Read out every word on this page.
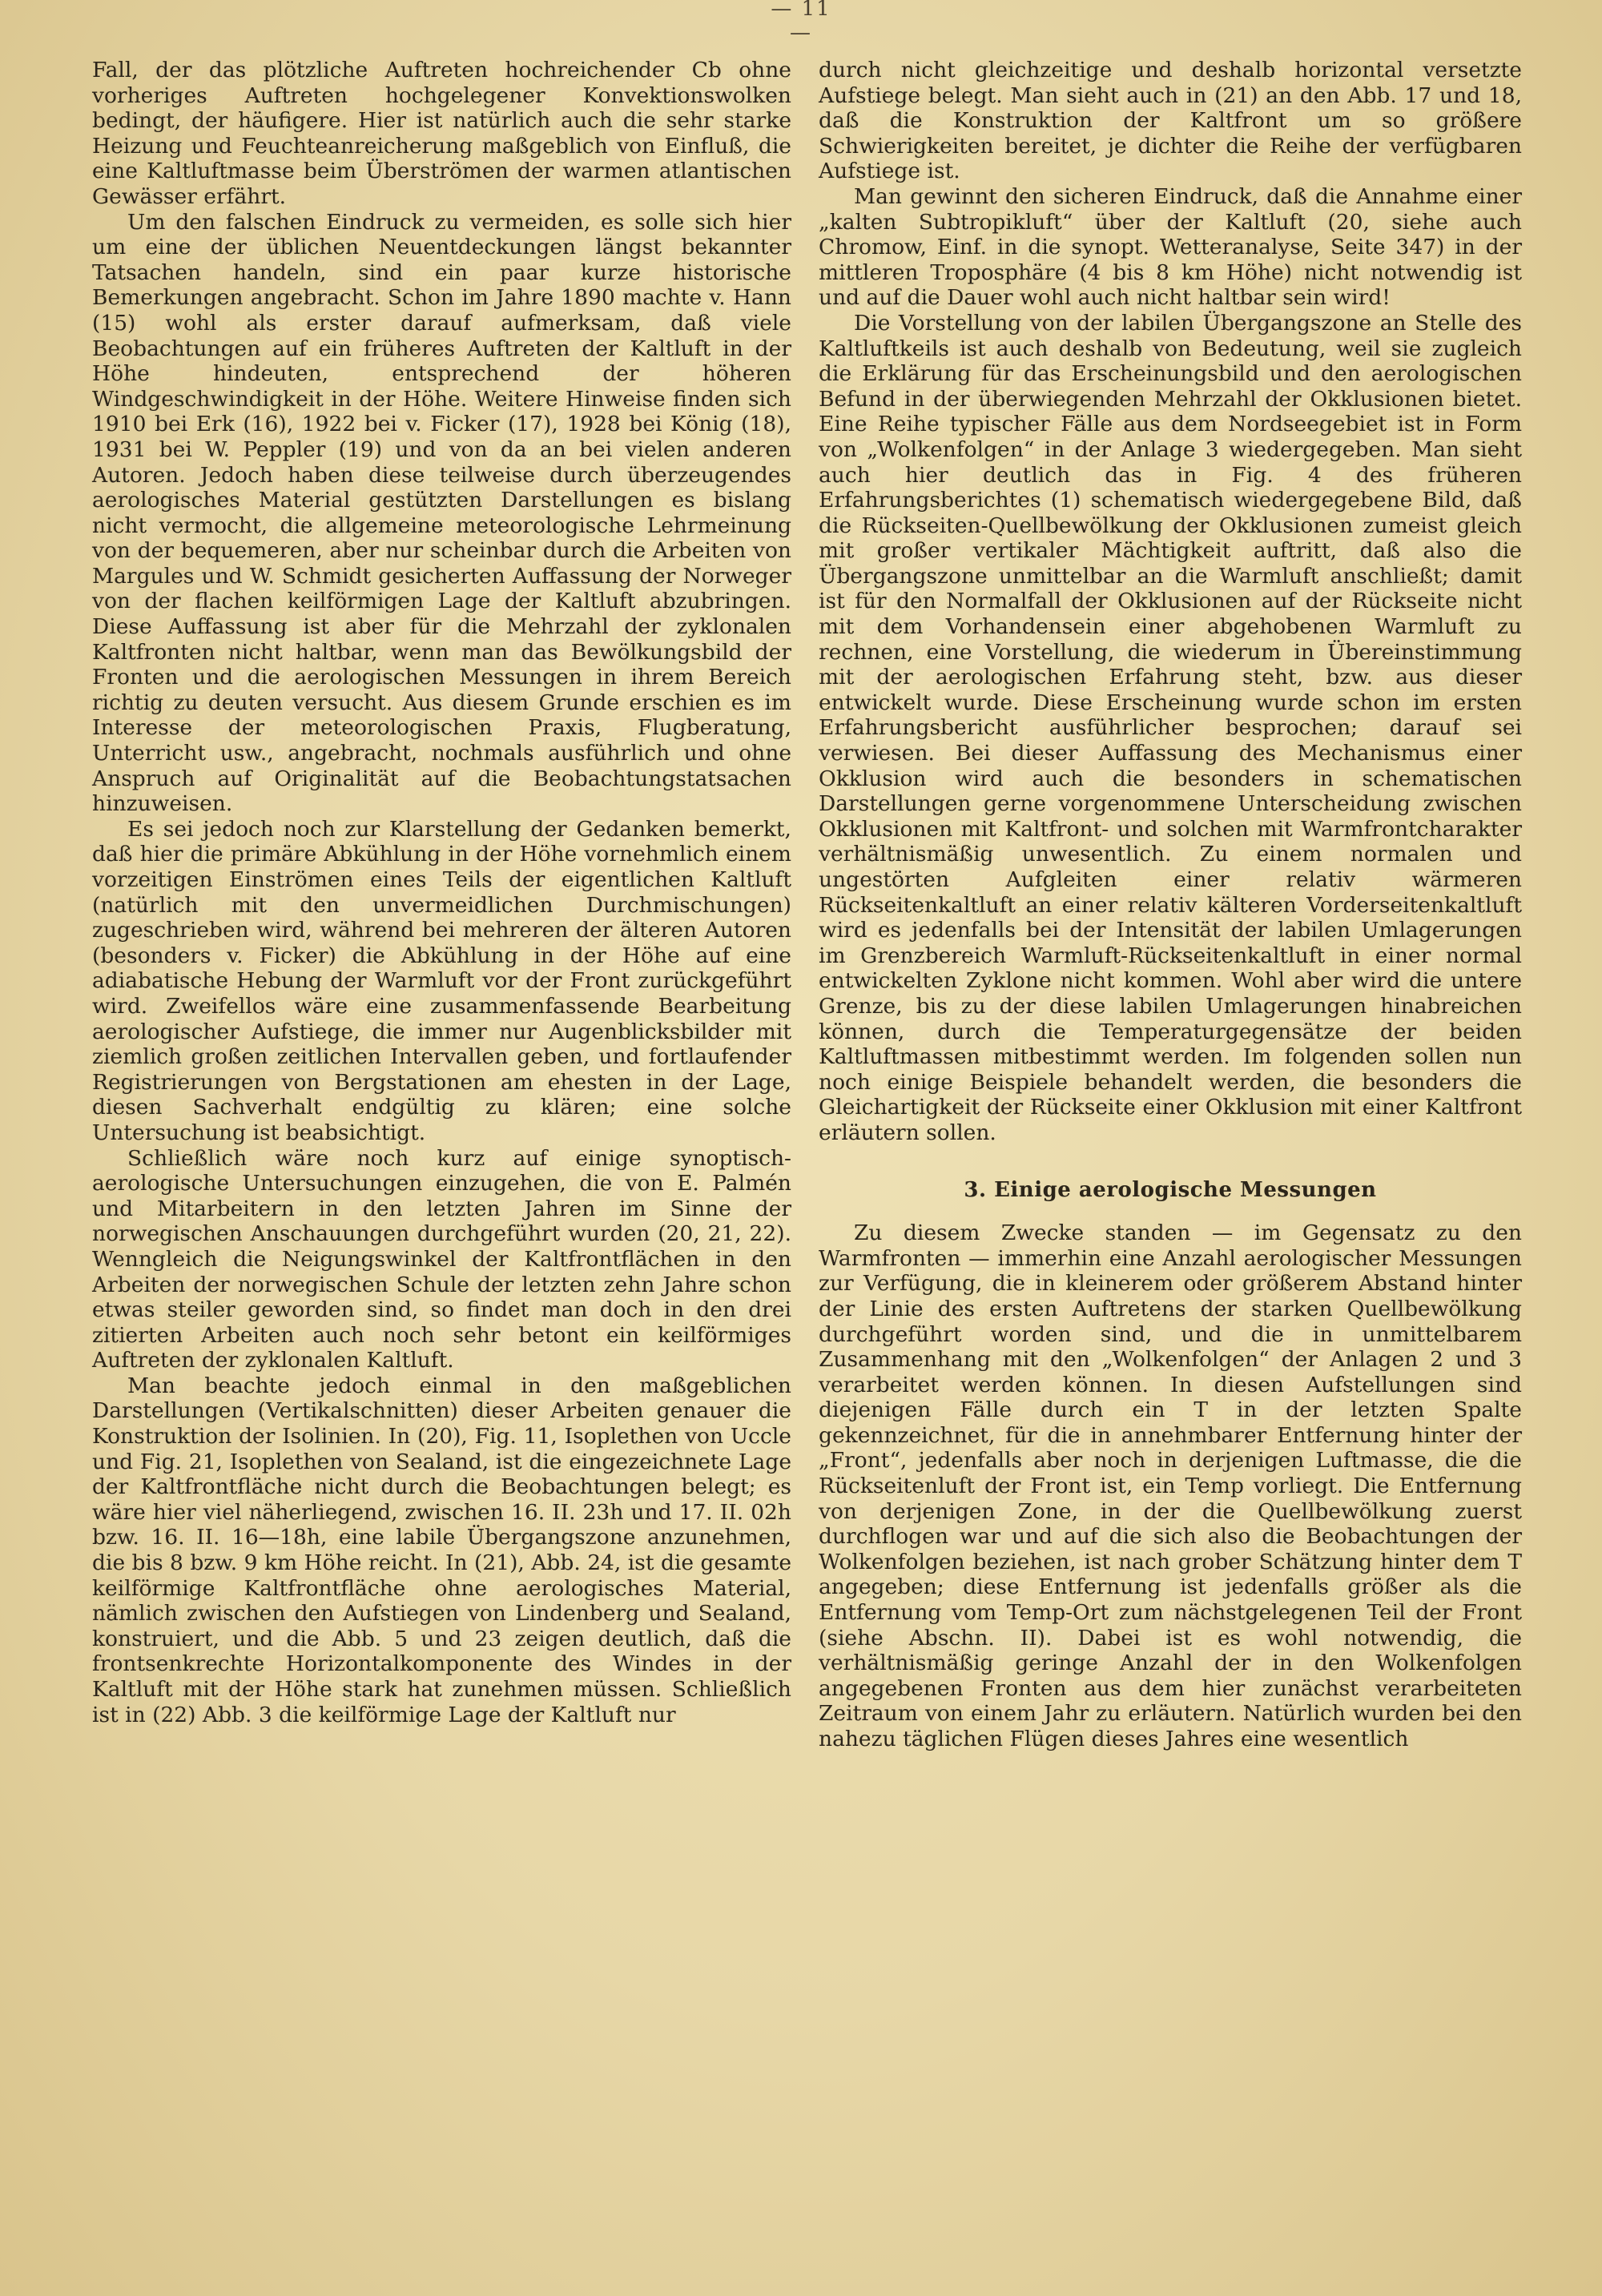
— 11 —

Fall, der das plötzliche Auftreten hochreichender Cb ohne vorheriges Auftreten hochgelegener Konvektionswolken bedingt, der häufigere. Hier ist natürlich auch die sehr starke Heizung und Feuchteanreicherung maßgeblich von Einfluß, die eine Kaltluftmasse beim Überströmen der warmen atlantischen Gewässer erfährt.

Um den falschen Eindruck zu vermeiden, es solle sich hier um eine der üblichen Neuentdeckungen längst bekannter Tatsachen handeln, sind ein paar kurze historische Bemerkungen angebracht. Schon im Jahre 1890 machte v. Hann (15) wohl als erster darauf aufmerksam, daß viele Beobachtungen auf ein früheres Auftreten der Kaltluft in der Höhe hindeuten, entsprechend der höheren Windgeschwindigkeit in der Höhe. Weitere Hinweise finden sich 1910 bei Erk (16), 1922 bei v. Ficker (17), 1928 bei König (18), 1931 bei W. Peppler (19) und von da an bei vielen anderen Autoren. Jedoch haben diese teilweise durch überzeugendes aerologisches Material gestützten Darstellungen es bislang nicht vermocht, die allgemeine meteorologische Lehrmeinung von der bequemeren, aber nur scheinbar durch die Arbeiten von Margules und W. Schmidt gesicherten Auffassung der Norweger von der flachen keilförmigen Lage der Kaltluft abzubringen. Diese Auffassung ist aber für die Mehrzahl der zyklonalen Kaltfronten nicht haltbar, wenn man das Bewölkungsbild der Fronten und die aerologischen Messungen in ihrem Bereich richtig zu deuten versucht. Aus diesem Grunde erschien es im Interesse der meteorologischen Praxis, Flugberatung, Unterricht usw., angebracht, nochmals ausführlich und ohne Anspruch auf Originalität auf die Beobachtungstatsachen hinzuweisen.

Es sei jedoch noch zur Klarstellung der Gedanken bemerkt, daß hier die primäre Abkühlung in der Höhe vornehmlich einem vorzeitigen Einströmen eines Teils der eigentlichen Kaltluft (natürlich mit den unvermeidlichen Durchmischungen) zugeschrieben wird, während bei mehreren der älteren Autoren (besonders v. Ficker) die Abkühlung in der Höhe auf eine adiabatische Hebung der Warmluft vor der Front zurückgeführt wird. Zweifellos wäre eine zusammenfassende Bearbeitung aerologischer Aufstiege, die immer nur Augenblicksbilder mit ziemlich großen zeitlichen Intervallen geben, und fortlaufender Registrierungen von Bergstationen am ehesten in der Lage, diesen Sachverhalt endgültig zu klären; eine solche Untersuchung ist beabsichtigt.

Schließlich wäre noch kurz auf einige synoptisch-aerologische Untersuchungen einzugehen, die von E. Palmén und Mitarbeitern in den letzten Jahren im Sinne der norwegischen Anschauungen durchgeführt wurden (20, 21, 22). Wenngleich die Neigungswinkel der Kaltfrontflächen in den Arbeiten der norwegischen Schule der letzten zehn Jahre schon etwas steiler geworden sind, so findet man doch in den drei zitierten Arbeiten auch noch sehr betont ein keilförmiges Auftreten der zyklonalen Kaltluft.

Man beachte jedoch einmal in den maßgeblichen Darstellungen (Vertikalschnitten) dieser Arbeiten genauer die Konstruktion der Isolinien. In (20), Fig. 11, Isoplethen von Uccle und Fig. 21, Isoplethen von Sealand, ist die eingezeichnete Lage der Kaltfrontfläche nicht durch die Beobachtungen belegt; es wäre hier viel näherliegend, zwischen 16. II. 23h und 17. II. 02h bzw. 16. II. 16—18h, eine labile Übergangszone anzunehmen, die bis 8 bzw. 9 km Höhe reicht. In (21), Abb. 24, ist die gesamte keilförmige Kaltfrontfläche ohne aerologisches Material, nämlich zwischen den Aufstiegen von Lindenberg und Sealand, konstruiert, und die Abb. 5 und 23 zeigen deutlich, daß die frontsenkrechte Horizontalkomponente des Windes in der Kaltluft mit der Höhe stark hat zunehmen müssen. Schließlich ist in (22) Abb. 3 die keilförmige Lage der Kaltluft nur

durch nicht gleichzeitige und deshalb horizontal versetzte Aufstiege belegt. Man sieht auch in (21) an den Abb. 17 und 18, daß die Konstruktion der Kaltfront um so größere Schwierigkeiten bereitet, je dichter die Reihe der verfügbaren Aufstiege ist.

Man gewinnt den sicheren Eindruck, daß die Annahme einer „kalten Subtropikluft“ über der Kaltluft (20, siehe auch Chromow, Einf. in die synopt. Wetteranalyse, Seite 347) in der mittleren Troposphäre (4 bis 8 km Höhe) nicht notwendig ist und auf die Dauer wohl auch nicht haltbar sein wird!

Die Vorstellung von der labilen Übergangszone an Stelle des Kaltluftkeils ist auch deshalb von Bedeutung, weil sie zugleich die Erklärung für das Erscheinungsbild und den aerologischen Befund in der überwiegenden Mehrzahl der Okklusionen bietet. Eine Reihe typischer Fälle aus dem Nordseegebiet ist in Form von „Wolkenfolgen“ in der Anlage 3 wiedergegeben. Man sieht auch hier deutlich das in Fig. 4 des früheren Erfahrungsberichtes (1) schematisch wiedergegebene Bild, daß die Rückseiten-Quellbewölkung der Okklusionen zumeist gleich mit großer vertikaler Mächtigkeit auftritt, daß also die Übergangszone unmittelbar an die Warmluft anschließt; damit ist für den Normalfall der Okklusionen auf der Rückseite nicht mit dem Vorhandensein einer abgehobenen Warmluft zu rechnen, eine Vorstellung, die wiederum in Übereinstimmung mit der aerologischen Erfahrung steht, bzw. aus dieser entwickelt wurde. Diese Erscheinung wurde schon im ersten Erfahrungsbericht ausführlicher besprochen; darauf sei verwiesen. Bei dieser Auffassung des Mechanismus einer Okklusion wird auch die besonders in schematischen Darstellungen gerne vorgenommene Unterscheidung zwischen Okklusionen mit Kaltfront- und solchen mit Warmfrontcharakter verhältnismäßig unwesentlich. Zu einem normalen und ungestörten Aufgleiten einer relativ wärmeren Rückseitenkaltluft an einer relativ kälteren Vorderseitenkaltluft wird es jedenfalls bei der Intensität der labilen Umlagerungen im Grenzbereich Warmluft-Rückseitenkaltluft in einer normal entwickelten Zyklone nicht kommen. Wohl aber wird die untere Grenze, bis zu der diese labilen Umlagerungen hinabreichen können, durch die Temperaturgegensätze der beiden Kaltluftmassen mitbestimmt werden. Im folgenden sollen nun noch einige Beispiele behandelt werden, die besonders die Gleichartigkeit der Rückseite einer Okklusion mit einer Kaltfront erläutern sollen.

3. Einige aerologische Messungen

Zu diesem Zwecke standen — im Gegensatz zu den Warmfronten — immerhin eine Anzahl aerologischer Messungen zur Verfügung, die in kleinerem oder größerem Abstand hinter der Linie des ersten Auftretens der starken Quellbewölkung durchgeführt worden sind, und die in unmittelbarem Zusammenhang mit den „Wolkenfolgen“ der Anlagen 2 und 3 verarbeitet werden können. In diesen Aufstellungen sind diejenigen Fälle durch ein T in der letzten Spalte gekennzeichnet, für die in annehmbarer Entfernung hinter der „Front“, jedenfalls aber noch in derjenigen Luftmasse, die die Rückseitenluft der Front ist, ein Temp vorliegt. Die Entfernung von derjenigen Zone, in der die Quellbewölkung zuerst durchflogen war und auf die sich also die Beobachtungen der Wolkenfolgen beziehen, ist nach grober Schätzung hinter dem T angegeben; diese Entfernung ist jedenfalls größer als die Entfernung vom Temp-Ort zum nächstgelegenen Teil der Front (siehe Abschn. II). Dabei ist es wohl notwendig, die verhältnismäßig geringe Anzahl der in den Wolkenfolgen angegebenen Fronten aus dem hier zunächst verarbeiteten Zeitraum von einem Jahr zu erläutern. Natürlich wurden bei den nahezu täglichen Flügen dieses Jahres eine wesentlich
